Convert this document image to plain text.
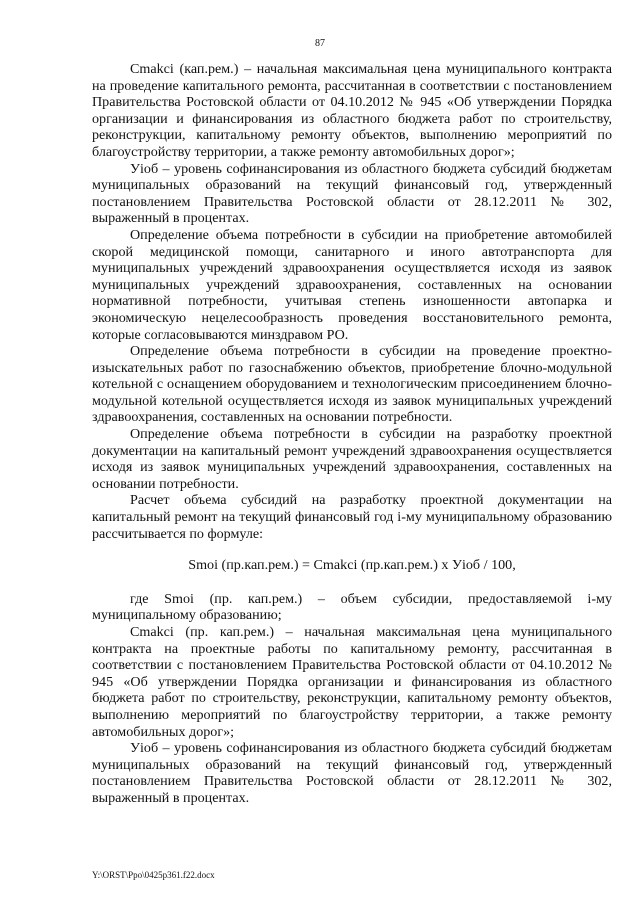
87

Cmakci (кап.рем.) – начальная максимальная цена муниципального контракта на проведение капитального ремонта, рассчитанная в соответствии с постановлением Правительства Ростовской области от 04.10.2012 № 945 «Об утверждении Порядка организации и финансирования из областного бюджета работ по строительству, реконструкции, капитальному ремонту объектов, выполнению мероприятий по благоустройству территории, а также ремонту автомобильных дорог»;

Уioб – уровень софинансирования из областного бюджета субсидий бюджетам муниципальных образований на текущий финансовый год, утвержденный постановлением Правительства Ростовской области от 28.12.2011 № 302, выраженный в процентах.

Определение объема потребности в субсидии на приобретение автомобилей скорой медицинской помощи, санитарного и иного автотранспорта для муниципальных учреждений здравоохранения осуществляется исходя из заявок муниципальных учреждений здравоохранения, составленных на основании нормативной потребности, учитывая степень изношенности автопарка и экономическую нецелесообразность проведения восстановительного ремонта, которые согласовываются минздравом РО.

Определение объема потребности в субсидии на проведение проектно-изыскательных работ по газоснабжению объектов, приобретение блочно-модульной котельной с оснащением оборудованием и технологическим присоединением блочно-модульной котельной осуществляется исходя из заявок муниципальных учреждений здравоохранения, составленных на основании потребности.

Определение объема потребности в субсидии на разработку проектной документации на капитальный ремонт учреждений здравоохранения осуществляется исходя из заявок муниципальных учреждений здравоохранения, составленных на основании потребности.

Расчет объема субсидий на разработку проектной документации на капитальный ремонт на текущий финансовый год i-му муниципальному образованию рассчитывается по формуле:

Smoi (пр.кап.рем.) = Cmakci (пр.кап.рем.) х Уioб / 100,

где Smoi (пр. кап.рем.) – объем субсидии, предоставляемой i-му муниципальному образованию;

Cmakci (пр. кап.рем.) – начальная максимальная цена муниципального контракта на проектные работы по капитальному ремонту, рассчитанная в соответствии с постановлением Правительства Ростовской области от 04.10.2012 № 945 «Об утверждении Порядка организации и финансирования из областного бюджета работ по строительству, реконструкции, капитальному ремонту объектов, выполнению мероприятий по благоустройству территории, а также ремонту автомобильных дорог»;

Уioб – уровень софинансирования из областного бюджета субсидий бюджетам муниципальных образований на текущий финансовый год, утвержденный постановлением Правительства Ростовской области от 28.12.2011 № 302, выраженный в процентах.

Y:\ORST\Ppo\0425p361.f22.docx
